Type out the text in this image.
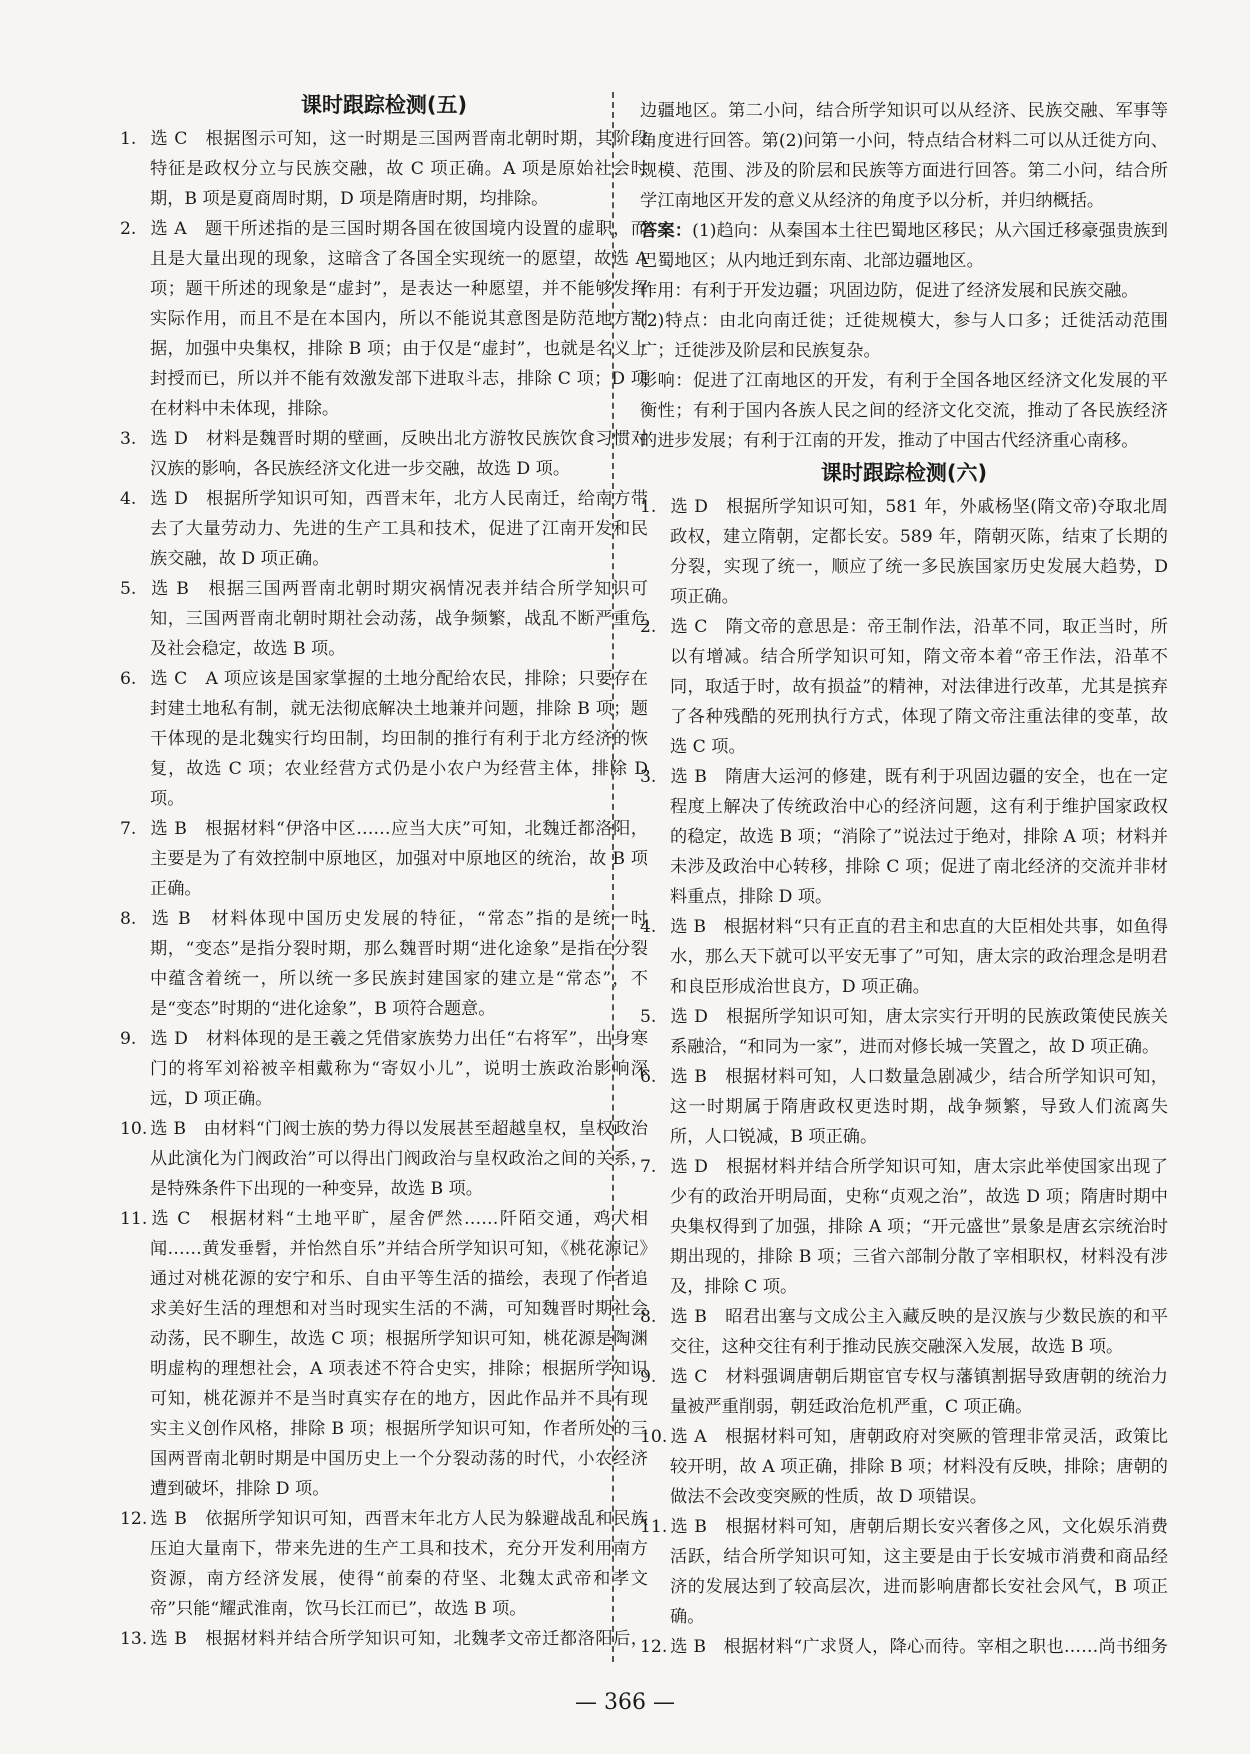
课时跟踪检测(五)

1. 选 C　根据图示可知，这一时期是三国两晋南北朝时期，其阶段特征是政权分立与民族交融，故 C 项正确。A 项是原始社会时期，B 项是夏商周时期，D 项是隋唐时期，均排除。

2. 选 A　题干所述指的是三国时期各国在彼国境内设置的虚职，而且是大量出现的现象，这暗含了各国全实现统一的愿望，故选 A 项；题干所述的现象是“虚封”，是表达一种愿望，并不能够发挥实际作用，而且不是在本国内，所以不能说其意图是防范地方割据，加强中央集权，排除 B 项；由于仅是“虚封”，也就是名义上封授而已，所以并不能有效激发部下进取斗志，排除 C 项；D 项在材料中未体现，排除。

3. 选 D　材料是魏晋时期的壁画，反映出北方游牧民族饮食习惯对汉族的影响，各民族经济文化进一步交融，故选 D 项。

4. 选 D　根据所学知识可知，西晋末年，北方人民南迁，给南方带去了大量劳动力、先进的生产工具和技术，促进了江南开发和民族交融，故 D 项正确。

5. 选 B　根据三国两晋南北朝时期灾祸情况表并结合所学知识可知，三国两晋南北朝时期社会动荡，战争频繁，战乱不断严重危及社会稳定，故选 B 项。

6. 选 C　A 项应该是国家掌握的土地分配给农民，排除；只要存在封建土地私有制，就无法彻底解决土地兼并问题，排除 B 项；题干体现的是北魏实行均田制，均田制的推行有利于北方经济的恢复，故选 C 项；农业经营方式仍是小农户为经营主体，排除 D 项。

7. 选 B　根据材料“伊洛中区……应当大庆”可知，北魏迁都洛阳，主要是为了有效控制中原地区，加强对中原地区的统治，故 B 项正确。

8. 选 B　材料体现中国历史发展的特征，“常态”指的是统一时期，“变态”是指分裂时期，那么魏晋时期“进化途象”是指在分裂中蕴含着统一，所以统一多民族封建国家的建立是“常态”，不是“变态”时期的“进化途象”，B 项符合题意。

9. 选 D　材料体现的是王羲之凭借家族势力出任“右将军”，出身寒门的将军刘裕被辛相戴称为“寄奴小儿”，说明士族政治影响深远，D 项正确。

10. 选 B　由材料“门阀士族的势力得以发展甚至超越皇权，皇权政治从此演化为门阀政治”可以得出门阀政治与皇权政治之间的关系，是特殊条件下出现的一种变异，故选 B 项。

11. 选 C　根据材料“土地平旷，屋舍俨然……阡陌交通，鸡犬相闻……黄发垂髫，并怡然自乐”并结合所学知识可知，《桃花源记》通过对桃花源的安宁和乐、自由平等生活的描绘，表现了作者追求美好生活的理想和对当时现实生活的不满，可知魏晋时期社会动荡，民不聊生，故选 C 项；根据所学知识可知，桃花源是陶渊明虚构的理想社会，A 项表述不符合史实，排除；根据所学知识可知，桃花源并不是当时真实存在的地方，因此作品并不具有现实主义创作风格，排除 B 项；根据所学知识可知，作者所处的三国两晋南北朝时期是中国历史上一个分裂动荡的时代，小农经济遭到破坏，排除 D 项。

12. 选 B　依据所学知识可知，西晋末年北方人民为躲避战乱和民族压迫大量南下，带来先进的生产工具和技术，充分开发利用南方资源，南方经济发展，使得“前秦的苻坚、北魏太武帝和孝文帝”只能“耀武淮南，饮马长江而已”，故选 B 项。

13. 选 B　根据材料并结合所学知识可知，北魏孝文帝迁都洛阳后，

边疆地区。第二小问，结合所学知识可以从经济、民族交融、军事等角度进行回答。第(2)问第一小问，特点结合材料二可以从迁徙方向、规模、范围、涉及的阶层和民族等方面进行回答。第二小问，结合所学江南地区开发的意义从经济的角度予以分析，并归纳概括。

答案：(1)趋向：从秦国本土往巴蜀地区移民；从六国迁移豪强贵族到巴蜀地区；从内地迁到东南、北部边疆地区。

作用：有利于开发边疆；巩固边防，促进了经济发展和民族交融。

(2)特点：由北向南迁徙；迁徙规模大，参与人口多；迁徙活动范围广；迁徙涉及阶层和民族复杂。

影响：促进了江南地区的开发，有利于全国各地区经济文化发展的平衡性；有利于国内各族人民之间的经济文化交流，推动了各民族经济的进步发展；有利于江南的开发，推动了中国古代经济重心南移。

课时跟踪检测(六)

1. 选 D　根据所学知识可知，581 年，外戚杨坚(隋文帝)夺取北周政权，建立隋朝，定都长安。589 年，隋朝灭陈，结束了长期的分裂，实现了统一，顺应了统一多民族国家历史发展大趋势，D 项正确。

2. 选 C　隋文帝的意思是：帝王制作法，沿革不同，取正当时，所以有增减。结合所学知识可知，隋文帝本着“帝王作法，沿革不同，取适于时，故有损益”的精神，对法律进行改革，尤其是摈弃了各种残酷的死刑执行方式，体现了隋文帝注重法律的变革，故选 C 项。

3. 选 B　隋唐大运河的修建，既有利于巩固边疆的安全，也在一定程度上解决了传统政治中心的经济问题，这有利于维护国家政权的稳定，故选 B 项；“消除了”说法过于绝对，排除 A 项；材料并未涉及政治中心转移，排除 C 项；促进了南北经济的交流并非材料重点，排除 D 项。

4. 选 B　根据材料“只有正直的君主和忠直的大臣相处共事，如鱼得水，那么天下就可以平安无事了”可知，唐太宗的政治理念是明君和良臣形成治世良方，D 项正确。

5. 选 D　根据所学知识可知，唐太宗实行开明的民族政策使民族关系融洽，“和同为一家”，进而对修长城一笑置之，故 D 项正确。

6. 选 B　根据材料可知，人口数量急剧减少，结合所学知识可知，这一时期属于隋唐政权更迭时期，战争频繁，导致人们流离失所，人口锐减，B 项正确。

7. 选 D　根据材料并结合所学知识可知，唐太宗此举使国家出现了少有的政治开明局面，史称“贞观之治”，故选 D 项；隋唐时期中央集权得到了加强，排除 A 项；“开元盛世”景象是唐玄宗统治时期出现的，排除 B 项；三省六部制分散了宰相职权，材料没有涉及，排除 C 项。

8. 选 B　昭君出塞与文成公主入藏反映的是汉族与少数民族的和平交往，这种交往有利于推动民族交融深入发展，故选 B 项。

9. 选 C　材料强调唐朝后期宦官专权与藩镇割据导致唐朝的统治力量被严重削弱，朝廷政治危机严重，C 项正确。

10. 选 A　根据材料可知，唐朝政府对突厥的管理非常灵活，政策比较开明，故 A 项正确，排除 B 项；材料没有反映，排除；唐朝的做法不会改变突厥的性质，故 D 项错误。

11. 选 B　根据材料可知，唐朝后期长安兴奢侈之风，文化娱乐消费活跃，结合所学知识可知，这主要是由于长安城市消费和商品经济的发展达到了较高层次，进而影响唐都长安社会风气，B 项正确。

12. 选 B　根据材料“广求贤人，降心而待。宰相之职也……尚书细务

— 366 —
